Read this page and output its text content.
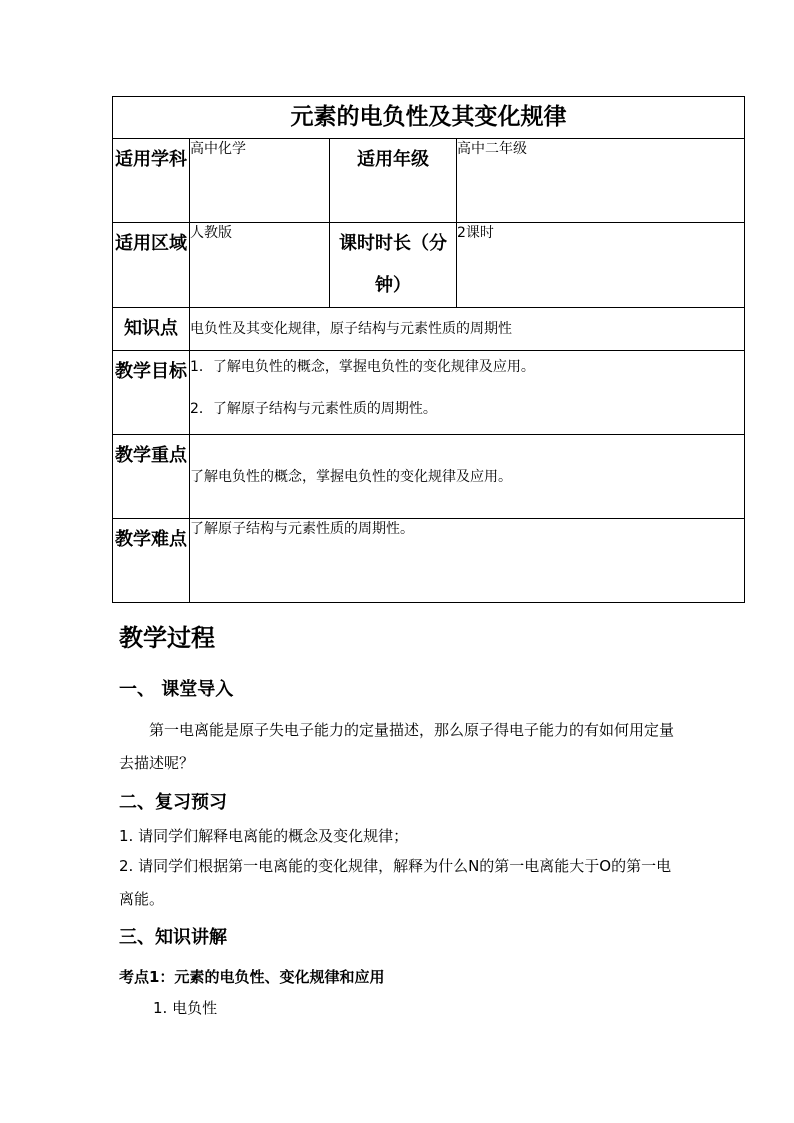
元素的电负性及其变化规律			
适用学科	高中化学	适用年级	高中二年级
适用区域	人教版	课时时长（分钟）	2课时
知识点	电负性及其变化规律，原子结构与元素性质的周期性		
教学目标	1．了解电负性的概念，掌握电负性的变化规律及应用。

2．了解原子结构与元素性质的周期性。		

教学重点	了解电负性的概念，掌握电负性的变化规律及应用。		
教学难点	了解原子结构与元素性质的周期性。		
教学过程
一、 课堂导入

第一电离能是原子失电子能力的定量描述，那么原子得电子能力的有如何用定量去描述呢？

二、复习预习

1. 请同学们解释电离能的概念及变化规律；

2. 请同学们根据第一电离能的变化规律，解释为什么N的第一电离能大于O的第一电离能。

三、知识讲解

考点1：元素的电负性、变化规律和应用

1. 电负性
